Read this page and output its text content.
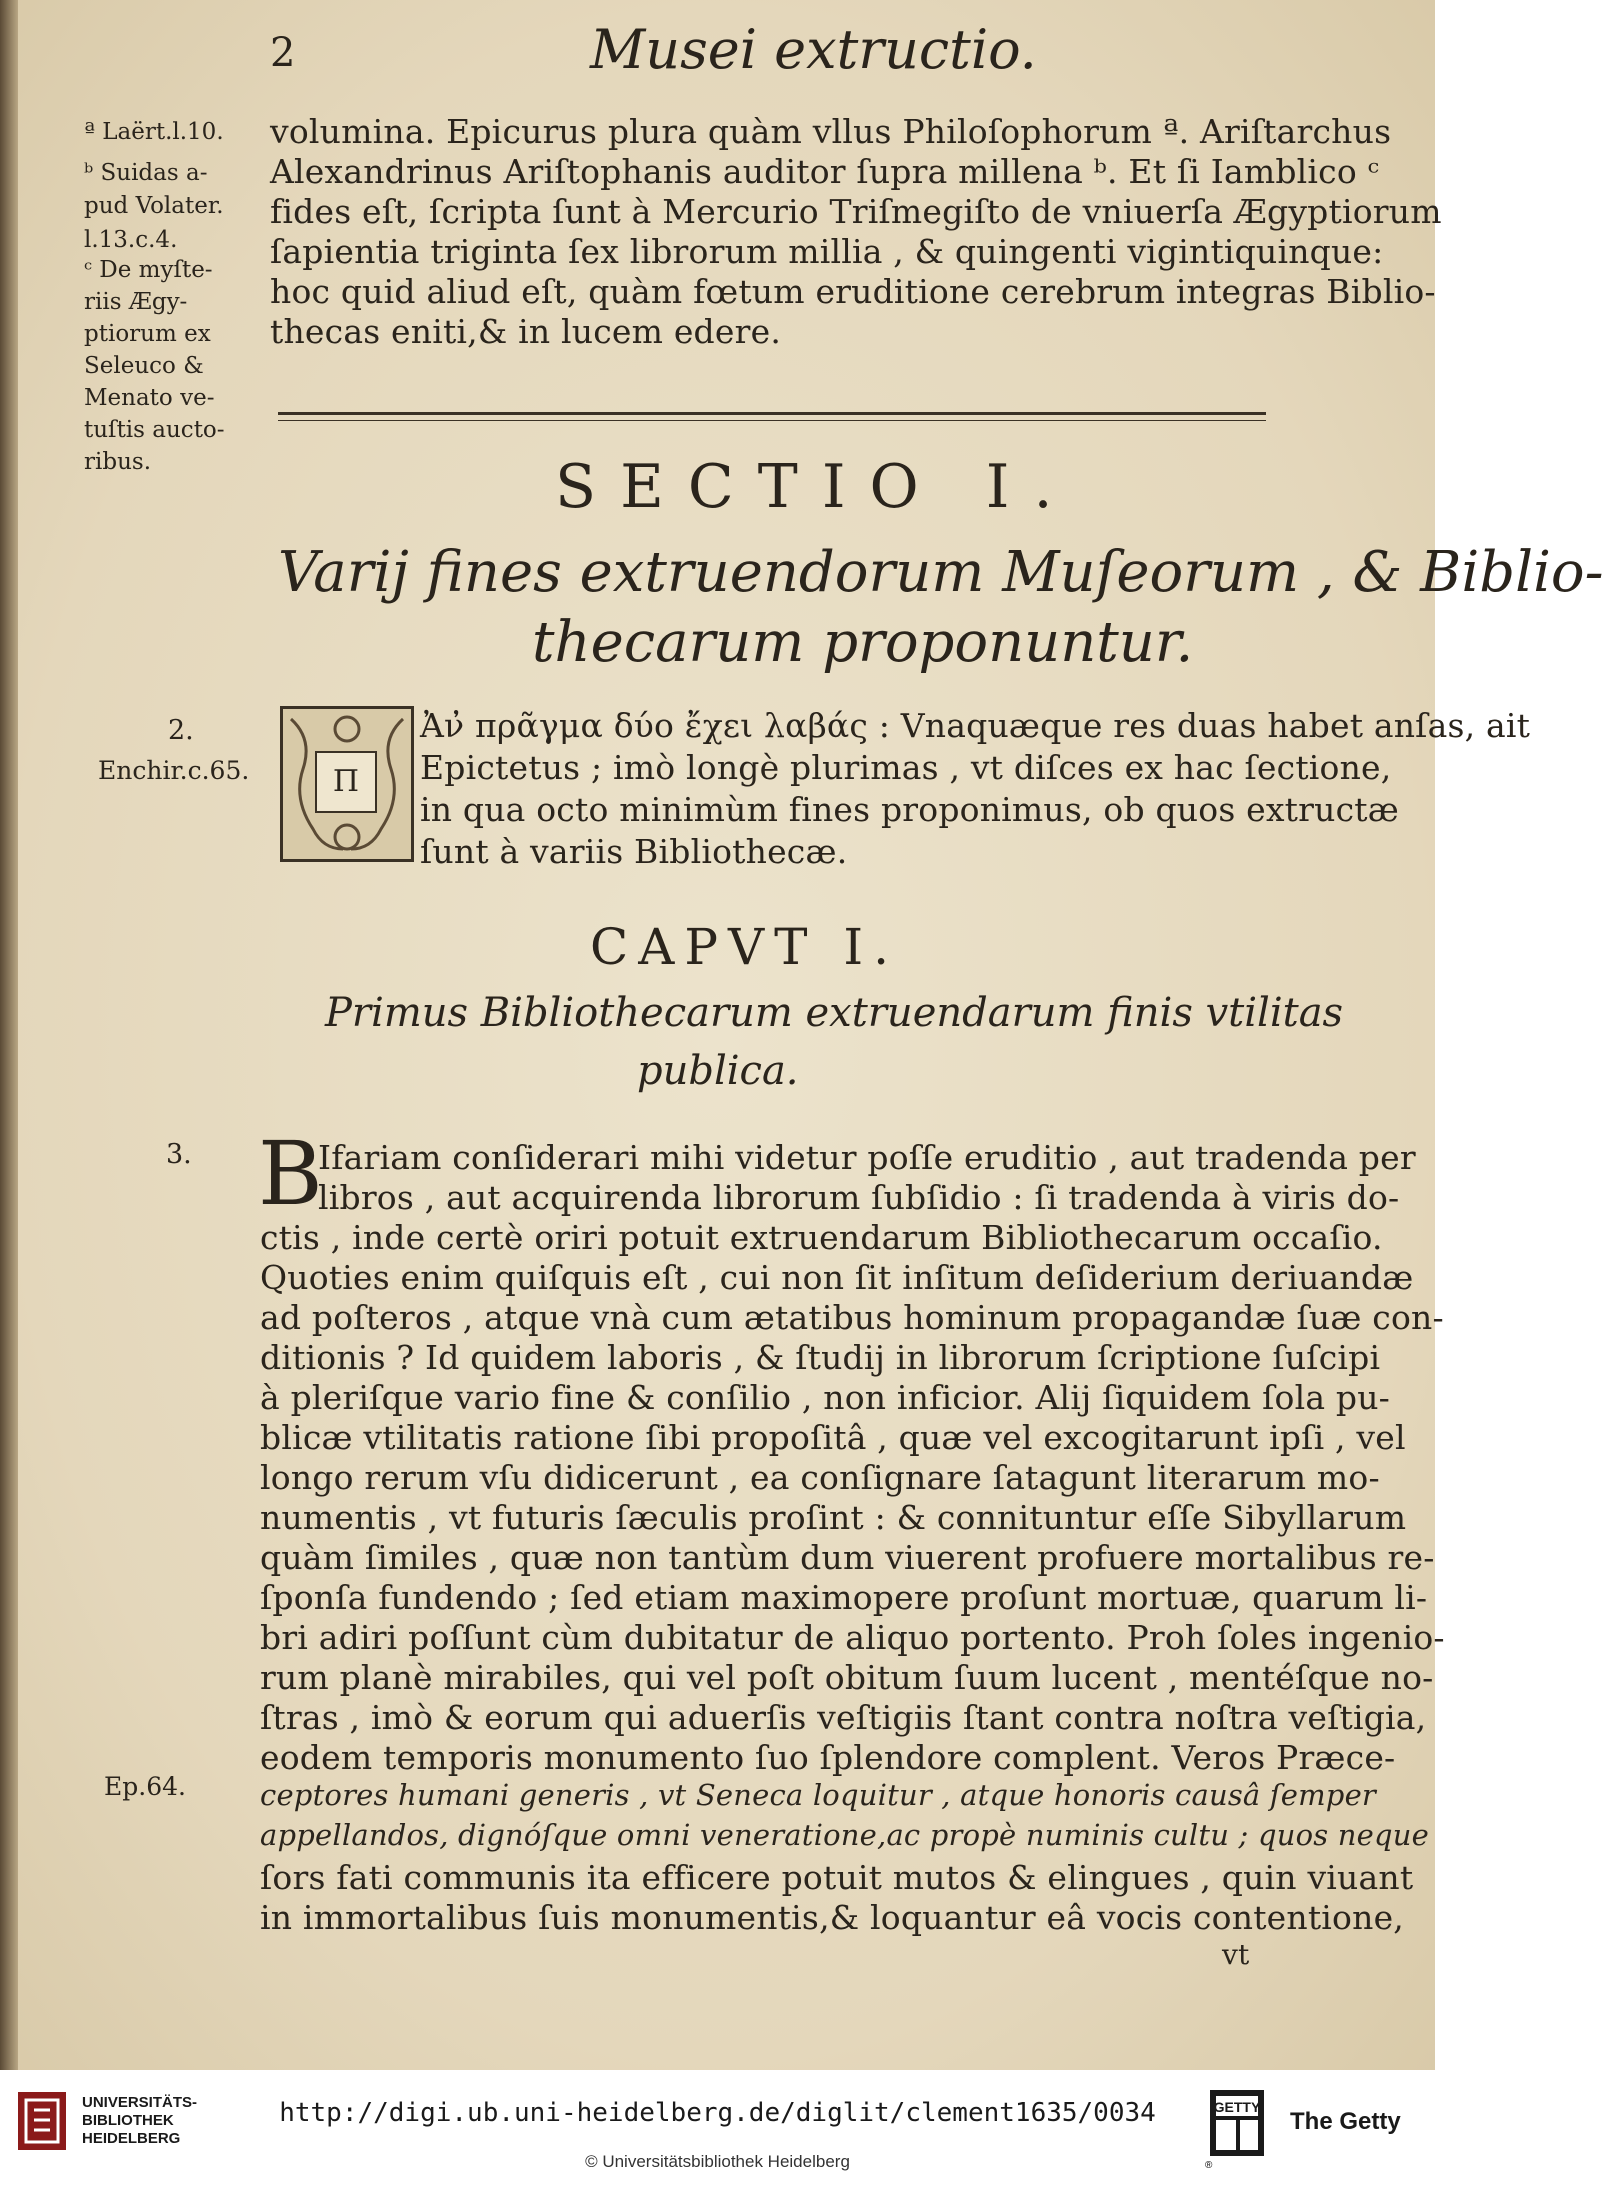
2	Musei extructio.
volumina. Epicurus plura quàm vllus Philoſophorum ª. Ariſtarchus
Alexandrinus Ariſtophanis auditor ſupra millena ᵇ. Et ſi Iamblico ᶜ
fides eſt, ſcripta ſunt à Mercurio Triſmegiſto de vniuerſa Ægyptiorum
ſapientia triginta ſex librorum millia , & quingenti vigintiquinque:
hoc quid aliud eſt, quàm fœtum eruditione cerebrum integras Biblio-
thecas eniti,& in lucem edere.
ª Laërt.l.10.
ᵇ Suidas a-
pud Volater.
l.13.c.4.
ᶜ De myſte-
riis Ægy-
ptiorum ex
Seleuco &
Menato ve-
tuſtis aucto-
ribus.	SECTIO I.
Varij fines extruendorum Muſeorum , & Biblio-
thecarum proponuntur.
2.
Enchir.c.65.	Π
Ἀν̓ πρᾶγμα δύο ἔχει λαβάς : Vnaquæque res duas habet anſas, ait
Epictetus ; imò longè plurimas , vt diſces ex hac ſectione,
in qua octo minimùm fines proponimus, ob quos extructæ
ſunt à variis Bibliothecæ.
CAPVT I.
Primus Bibliothecarum extruendarum finis vtilitas
publica.
3.
Ep.64.
B
Ifariam conſiderari mihi videtur poſſe eruditio , aut tradenda per
libros , aut acquirenda librorum ſubſidio : ſi tradenda à viris do-
ctis , inde certè oriri potuit extruendarum Bibliothecarum occaſio.
Quoties enim quiſquis eſt , cui non ſit inſitum deſiderium deriuandæ
ad poſteros , atque vnà cum ætatibus hominum propagandæ ſuæ con-
ditionis ? Id quidem laboris , & ſtudij in librorum ſcriptione ſuſcipi
à pleriſque vario fine & conſilio , non inficior. Alij ſiquidem ſola pu-
blicæ vtilitatis ratione ſibi propoſitâ , quæ vel excogitarunt ipſi , vel
longo rerum vſu didicerunt , ea conſignare ſatagunt literarum mo-
numentis , vt futuris ſæculis proſint : & connituntur eſſe Sibyllarum
quàm ſimiles , quæ non tantùm dum viuerent profuere mortalibus re-
ſponſa fundendo ; ſed etiam maximopere proſunt mortuæ, quarum li-
bri adiri poſſunt cùm dubitatur de aliquo portento. Proh ſoles ingenio-
rum planè mirabiles, qui vel poſt obitum ſuum lucent , mentéſque no-
ſtras , imò & eorum qui aduerſis veſtigiis ſtant contra noſtra veſtigia,
eodem temporis monumento ſuo ſplendore complent. Veros Præce-
ceptores humani generis , vt Seneca loquitur , atque honoris causâ ſemper
appellandos, dignóſque omni veneratione,ac propè numinis cultu ; quos neque
ſors fati communis ita efficere potuit mutos & elingues , quin viuant
in immortalibus ſuis monumentis,& loquantur eâ vocis contentione,
vt
UNIVERSITÄTS-
BIBLIOTHEK
HEIDELBERG
http://digi.ub.uni-heidelberg.de/diglit/clement1635/0034
© Universitätsbibliothek Heidelberg
GETTY
®
The Getty
